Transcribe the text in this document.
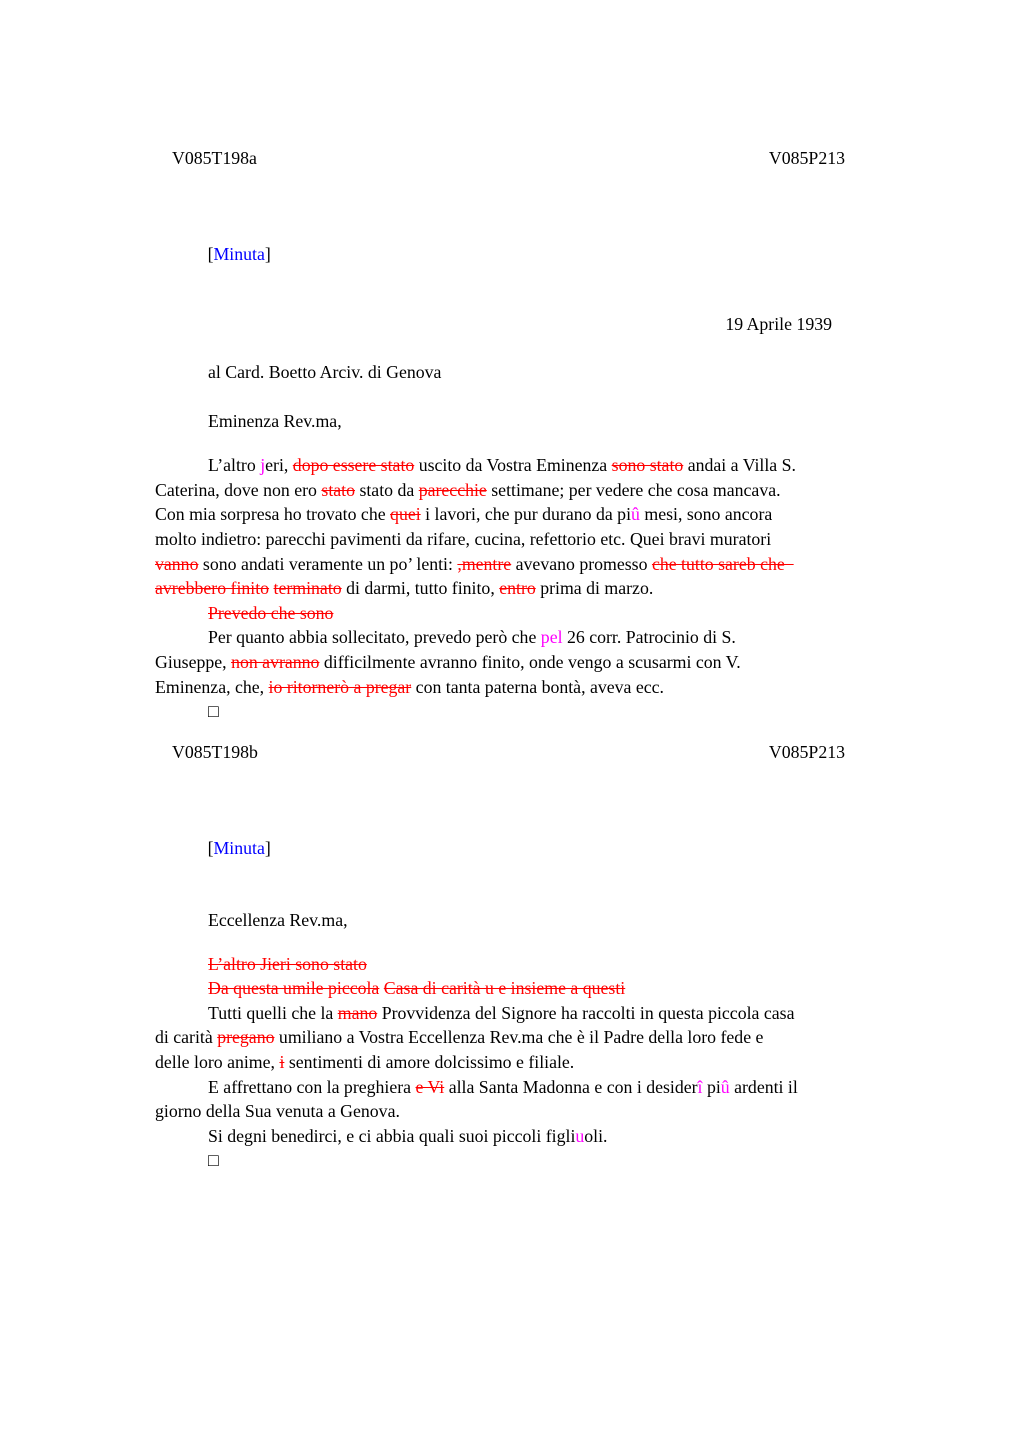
V085T198a	V085P213

[Minuta]

19 Aprile 1939
al Card. Boetto Arciv. di Genova
Eminenza Rev.ma,
L’altro jeri, dopo essere stato uscito da Vostra Eminenza sono stato andai a Villa S.
Caterina, dove non ero stato stato da parecchie settimane; per vedere che cosa mancava.
Con mia sorpresa ho trovato che quei i lavori, che pur durano da piû mesi, sono ancora
molto indietro: parecchi pavimenti da rifare, cucina, refettorio etc. Quei bravi muratori
vanno sono andati veramente un po’ lenti: ,mentre avevano promesso che tutto sareb che
avrebbero finito terminato di darmi, tutto finito, entro prima di marzo.
Prevedo che sono
Per quanto abbia sollecitato, prevedo però che pel 26 corr. Patrocinio di S.
Giuseppe, non avranno difficilmente avranno finito, onde vengo a scusarmi con V.
Eminenza, che, io ritornerò a pregar con tanta paterna bontà, aveva ecc.
□
V085T198b	V085P213

[Minuta]

Eccellenza Rev.ma,
L’altro Jieri sono stato
Da questa umile piccola Casa di carità u e insieme a questi
Tutti quelli che la mano Provvidenza del Signore ha raccolti in questa piccola casa
di carità pregano umiliano a Vostra Eccellenza Rev.ma che è il Padre della loro fede e
delle loro anime, i sentimenti di amore dolcissimo e filiale.
E affrettano con la preghiera e Vi alla Santa Madonna e con i desiderî piû ardenti il
giorno della Sua venuta a Genova.
Si degni benedirci, e ci abbia quali suoi piccoli figliuoli.
□
